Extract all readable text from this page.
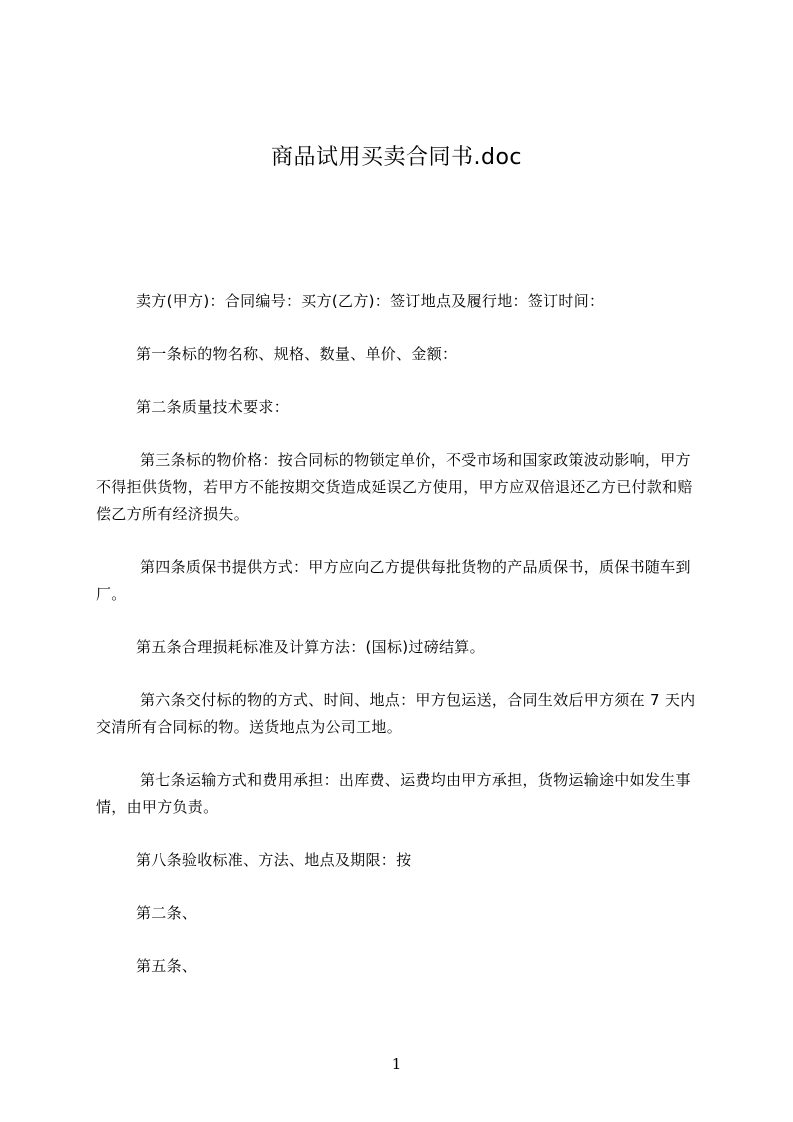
商品试用买卖合同书.doc
卖方(甲方)：合同编号：买方(乙方)：签订地点及履行地：签订时间：
第一条标的物名称、规格、数量、单价、金额：
第二条质量技术要求：
第三条标的物价格：按合同标的物锁定单价，不受市场和国家政策波动影响，甲方不得拒供货物，若甲方不能按期交货造成延误乙方使用，甲方应双倍退还乙方已付款和赔偿乙方所有经济损失。
第四条质保书提供方式：甲方应向乙方提供每批货物的产品质保书，质保书随车到厂。
第五条合理损耗标准及计算方法：(国标)过磅结算。
第六条交付标的物的方式、时间、地点：甲方包运送，合同生效后甲方须在 7 天内交清所有合同标的物。送货地点为公司工地。
第七条运输方式和费用承担：出库费、运费均由甲方承担，货物运输途中如发生事情，由甲方负责。
第八条验收标准、方法、地点及期限：按
第二条、
第五条、
1
